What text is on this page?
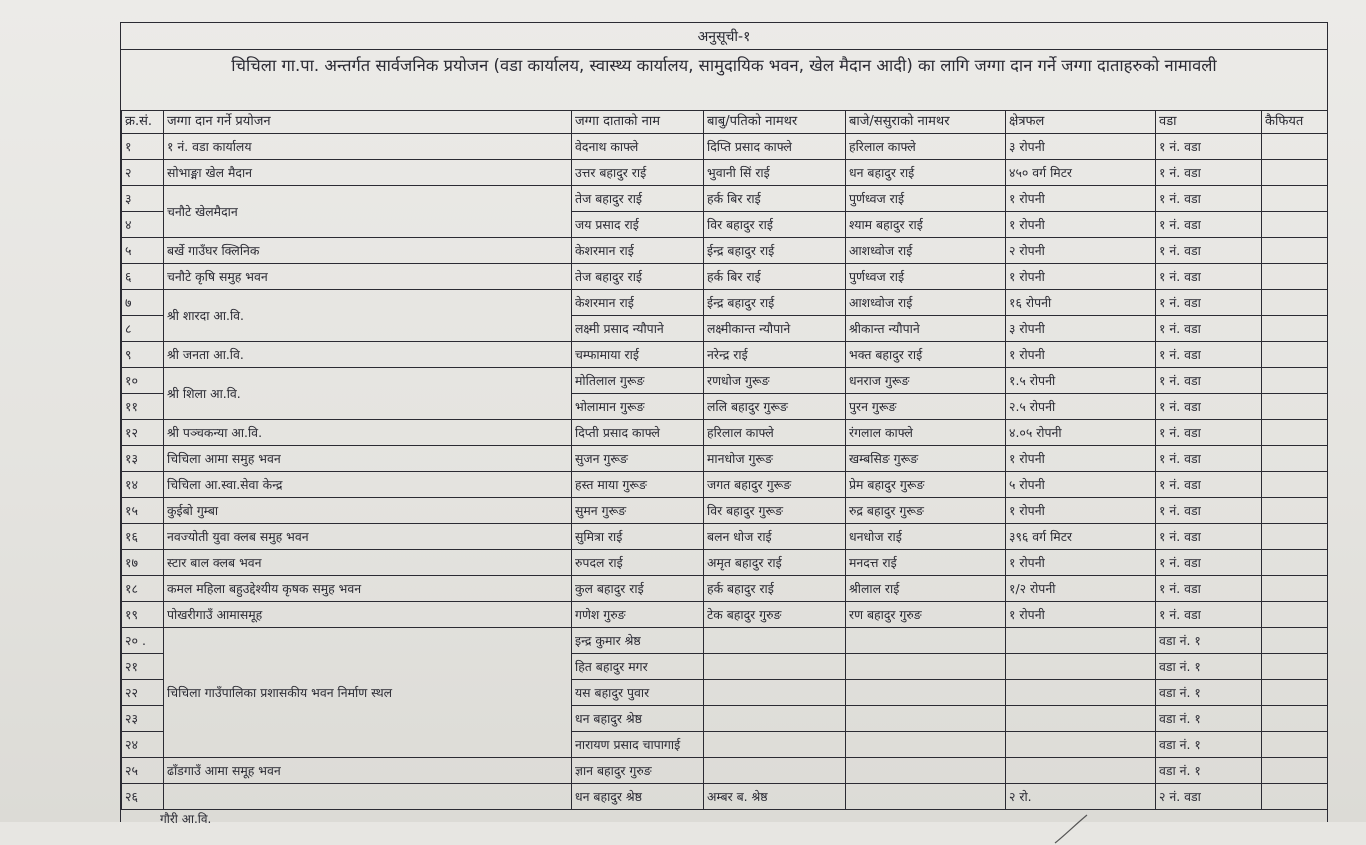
अनुसूची-१
चिचिला गा.पा. अन्तर्गत सार्वजनिक प्रयोजन (वडा कार्यालय, स्वास्थ्य कार्यालय, सामुदायिक भवन, खेल मैदान आदी) का लागि जग्गा दान गर्ने जग्गा दाताहरुको नामावली
क्र.सं.	जग्गा दान गर्ने प्रयोजन	जग्गा दाताको नाम	बाबु/पतिको नामथर	बाजे/ससुराको नामथर	क्षेत्रफल	वडा	कैफियत
१	१ नं. वडा कार्यालय	वेदनाथ काफ्ले	दिप्ति प्रसाद काफ्ले	हरिलाल काफ्ले	३ रोपनी	१ नं. वडा	
२	सोभाङ्मा खेल मैदान	उत्तर बहादुर राई	भुवानी सिं राई	धन बहादुर राई	४५० वर्ग मिटर	१ नं. वडा	
३	चनौटे खेलमैदान	तेज बहादुर राई	हर्क बिर राई	पुर्णध्वज राई	१ रोपनी	१ नं. वडा	
४		जय प्रसाद राई	विर बहादुर राई	श्याम बहादुर राई	१ रोपनी	१ नं. वडा	
५	बर्खे गाउँघर क्लिनिक	केशरमान राई	ईन्द्र बहादुर राई	आशध्वोज राई	२ रोपनी	१ नं. वडा	
६	चनौटे कृषि समुह भवन	तेज बहादुर राई	हर्क बिर राई	पुर्णध्वज राई	१ रोपनी	१ नं. वडा	
७	श्री शारदा आ.वि.	केशरमान राई	ईन्द्र बहादुर राई	आशध्वोज राई	१६ रोपनी	१ नं. वडा	
८		लक्ष्मी प्रसाद न्यौपाने	लक्ष्मीकान्त न्यौपाने	श्रीकान्त न्यौपाने	३ रोपनी	१ नं. वडा	
९	श्री जनता आ.वि.	चम्फामाया राई	नरेन्द्र राई	भक्त बहादुर राई	१ रोपनी	१ नं. वडा	
१०	श्री शिला आ.वि.	मोतिलाल गुरूङ	रणधोज गुरूङ	धनराज गुरूङ	१.५ रोपनी	१ नं. वडा	
११		भोलामान गुरूङ	ललि बहादुर गुरूङ	पुरन गुरूङ	२.५ रोपनी	१ नं. वडा	
१२	श्री पञ्चकन्या आ.वि.	दिप्ती प्रसाद काफ्ले	हरिलाल काफ्ले	रंगलाल काफ्ले	४.०५ रोपनी	१ नं. वडा	
१३	चिचिला आमा समुह भवन	सुजन गुरूङ	मानधोज गुरूङ	खम्बसिङ गुरूङ	१ रोपनी	१ नं. वडा	
१४	चिचिला आ.स्वा.सेवा केन्द्र	हस्त माया गुरूङ	जगत बहादुर गुरूङ	प्रेम बहादुर गुरूङ	५ रोपनी	१ नं. वडा	
१५	कुईबो गुम्बा	सुमन गुरूङ	विर बहादुर गुरूङ	रुद्र बहादुर गुरूङ	१ रोपनी	१ नं. वडा	
१६	नवज्योती युवा क्लब समुह भवन	सुमित्रा राई	बलन धोज राई	धनधोज राई	३९६ वर्ग मिटर	१ नं. वडा	
१७	स्टार बाल क्लब भवन	रुपदल राई	अमृत बहादुर राई	मनदत्त राई	१ रोपनी	१ नं. वडा	
१८	कमल महिला बहुउद्देश्यीय कृषक समुह भवन	कुल बहादुर राई	हर्क बहादुर राई	श्रीलाल राई	१/२ रोपनी	१ नं. वडा	
१९	पोखरीगाउँ आमासमूह	गणेश गुरुङ	टेक बहादुर गुरुङ	रण बहादुर गुरुङ	१ रोपनी	१ नं. वडा	
२० .	चिचिला गाउँपालिका प्रशासकीय भवन निर्माण स्थल	इन्द्र कुमार श्रेष्ठ				वडा नं. १	
२१		हित बहादुर मगर				वडा नं. १	
२२		यस बहादुर पुवार				वडा नं. १	
२३		धन बहादुर श्रेष्ठ				वडा नं. १	
२४		नारायण प्रसाद चापागाई				वडा नं. १	
२५	ढाँडगाउँ आमा समूह भवन	ज्ञान बहादुर गुरुङ				वडा नं. १	
२६		धन बहादुर श्रेष्ठ	अम्बर ब. श्रेष्ठ		२ रो.	२ नं. वडा	
गौरी आ.वि.
